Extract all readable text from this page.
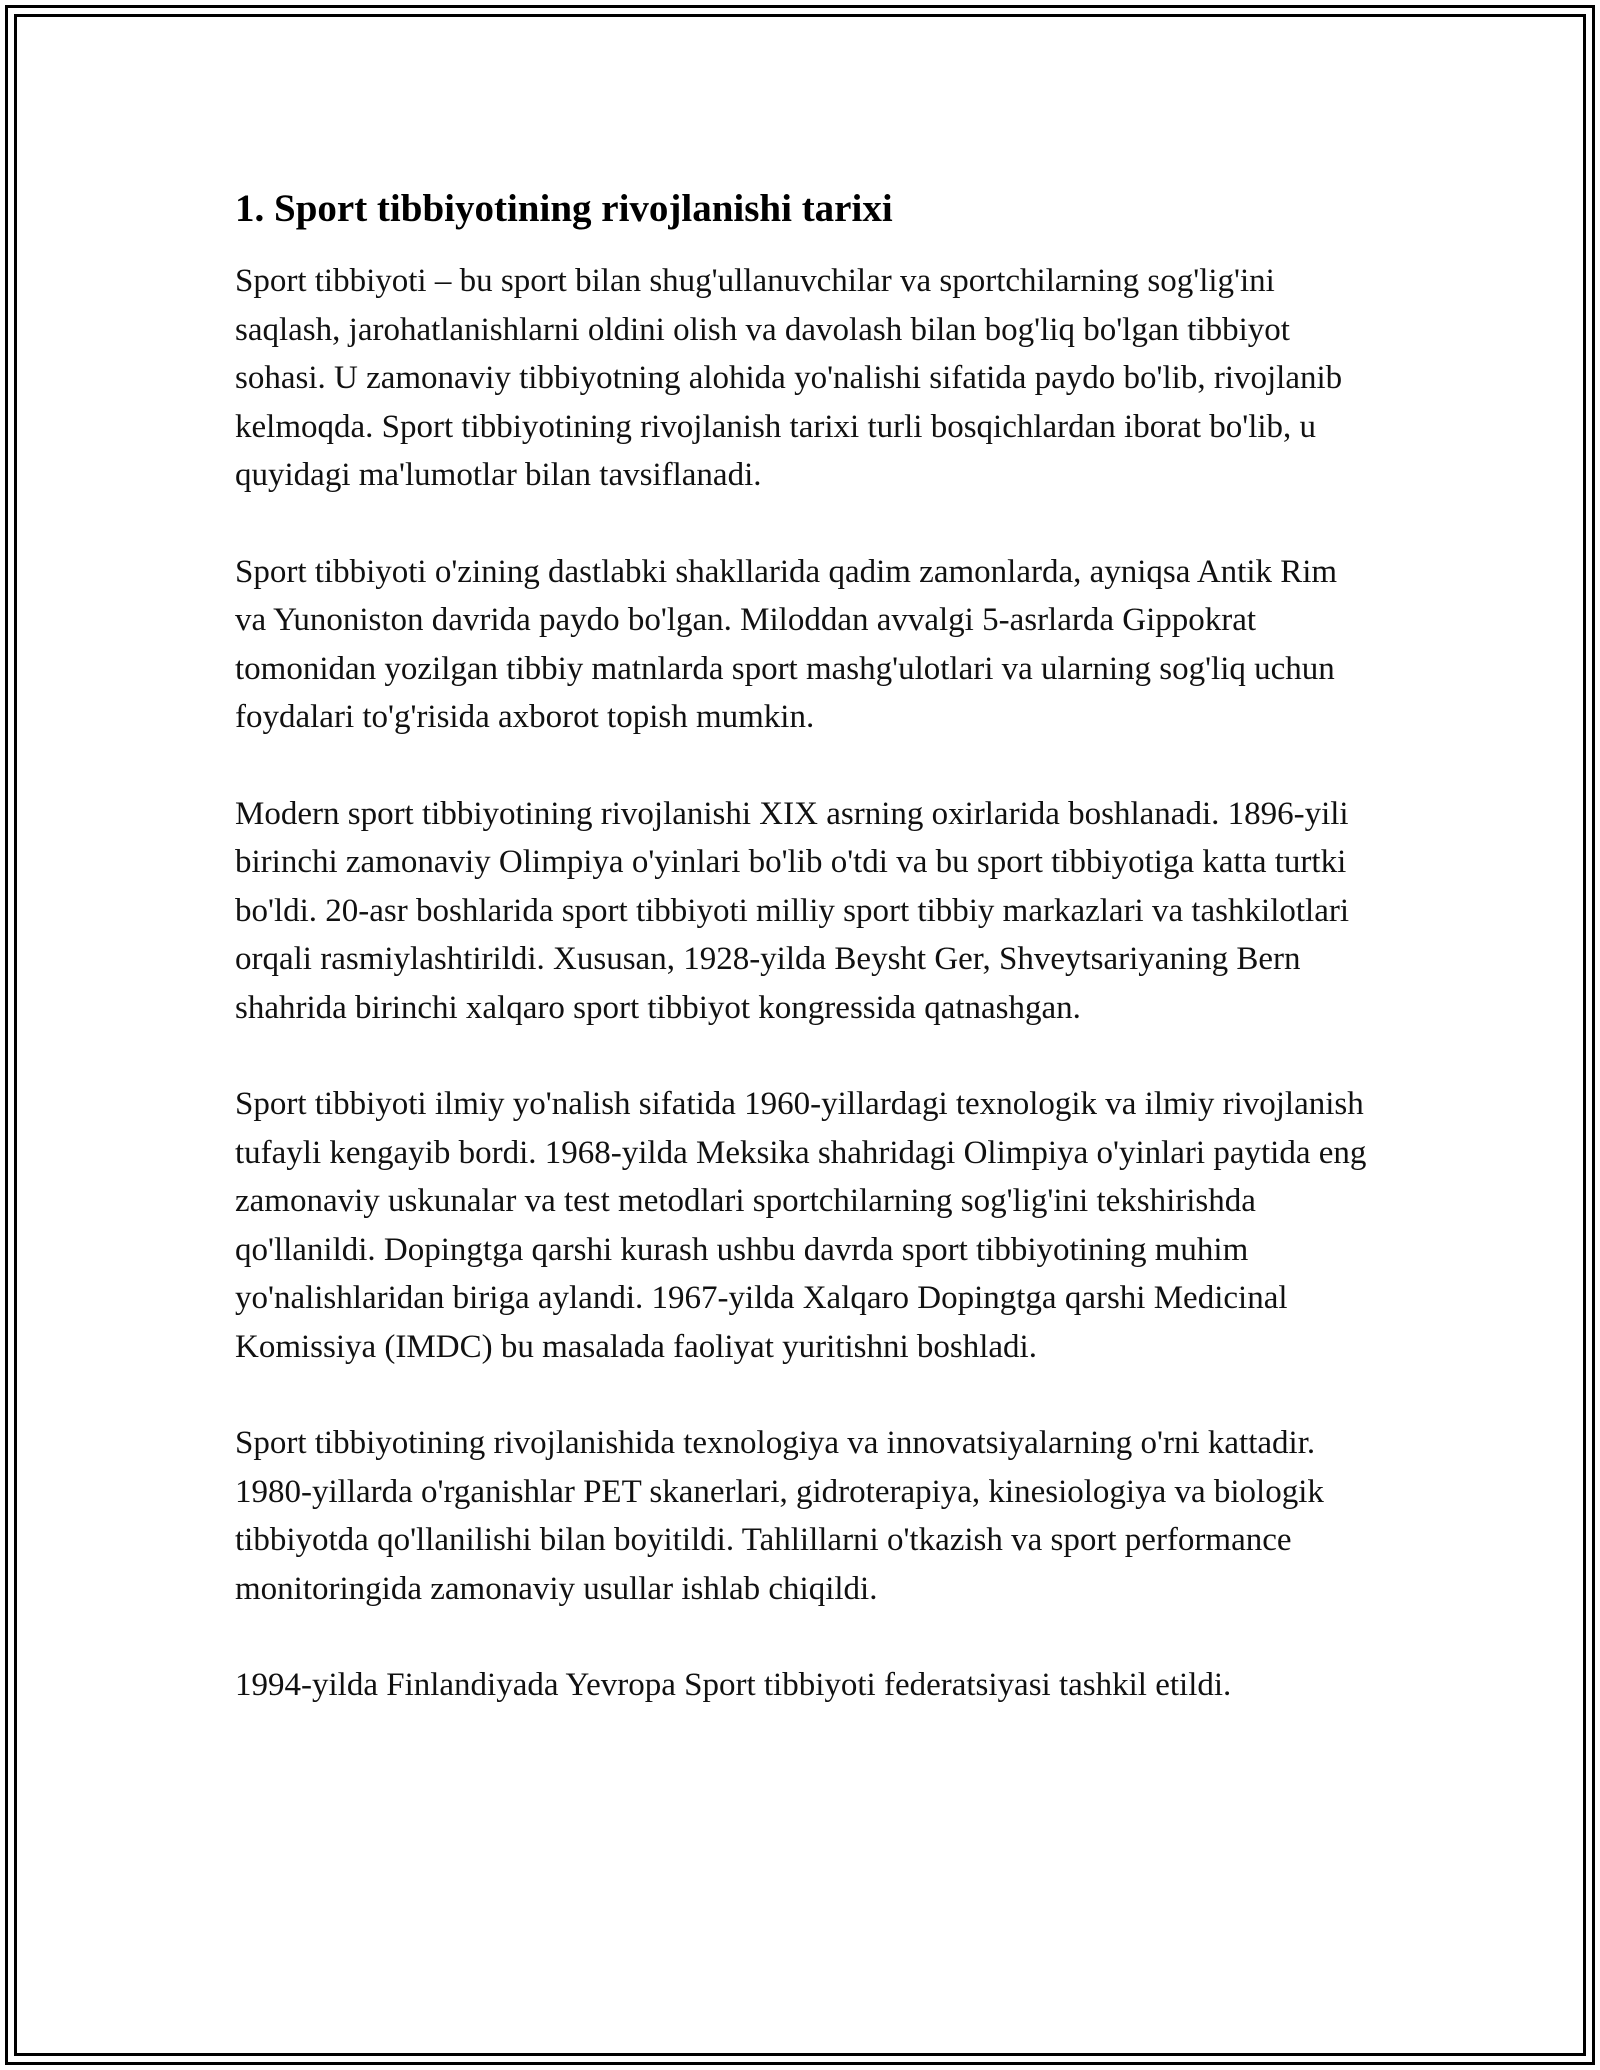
1. Sport tibbiyotining rivojlanishi tarixi

Sport tibbiyoti – bu sport bilan shug'ullanuvchilar va sportchilarning sog'lig'ini saqlash, jarohatlanishlarni oldini olish va davolash bilan bog'liq bo'lgan tibbiyot sohasi. U zamonaviy tibbiyotning alohida yo'nalishi sifatida paydo bo'lib, rivojlanib kelmoqda. Sport tibbiyotining rivojlanish tarixi turli bosqichlardan iborat bo'lib, u quyidagi ma'lumotlar bilan tavsiflanadi.

Sport tibbiyoti o'zining dastlabki shakllarida qadim zamonlarda, ayniqsa Antik Rim va Yunoniston davrida paydo bo'lgan. Miloddan avvalgi 5-asrlarda Gippokrat tomonidan yozilgan tibbiy matnlarda sport mashg'ulotlari va ularning sog'liq uchun foydalari to'g'risida axborot topish mumkin.

Modern sport tibbiyotining rivojlanishi XIX asrning oxirlarida boshlanadi. 1896-yili birinchi zamonaviy Olimpiya o'yinlari bo'lib o'tdi va bu sport tibbiyotiga katta turtki bo'ldi. 20-asr boshlarida sport tibbiyoti milliy sport tibbiy markazlari va tashkilotlari orqali rasmiylashtirildi. Xususan, 1928-yilda Beysht Ger, Shveytsariyaning Bern shahrida birinchi xalqaro sport tibbiyot kongressida qatnashgan.

Sport tibbiyoti ilmiy yo'nalish sifatida 1960-yillardagi texnologik va ilmiy rivojlanish tufayli kengayib bordi. 1968-yilda Meksika shahridagi Olimpiya o'yinlari paytida eng zamonaviy uskunalar va test metodlari sportchilarning sog'lig'ini tekshirishda qo'llanildi. Dopingtga qarshi kurash ushbu davrda sport tibbiyotining muhim yo'nalishlaridan biriga aylandi. 1967-yilda Xalqaro Dopingtga qarshi Medicinal Komissiya (IMDC) bu masalada faoliyat yuritishni boshladi.

Sport tibbiyotining rivojlanishida texnologiya va innovatsiyalarning o'rni kattadir. 1980-yillarda o'rganishlar PET skanerlari, gidroterapiya, kinesiologiya va biologik tibbiyotda qo'llanilishi bilan boyitildi. Tahlillarni o'tkazish va sport performance monitoringida zamonaviy usullar ishlab chiqildi.

1994-yilda Finlandiyada Yevropa Sport tibbiyoti federatsiyasi tashkil etildi.
